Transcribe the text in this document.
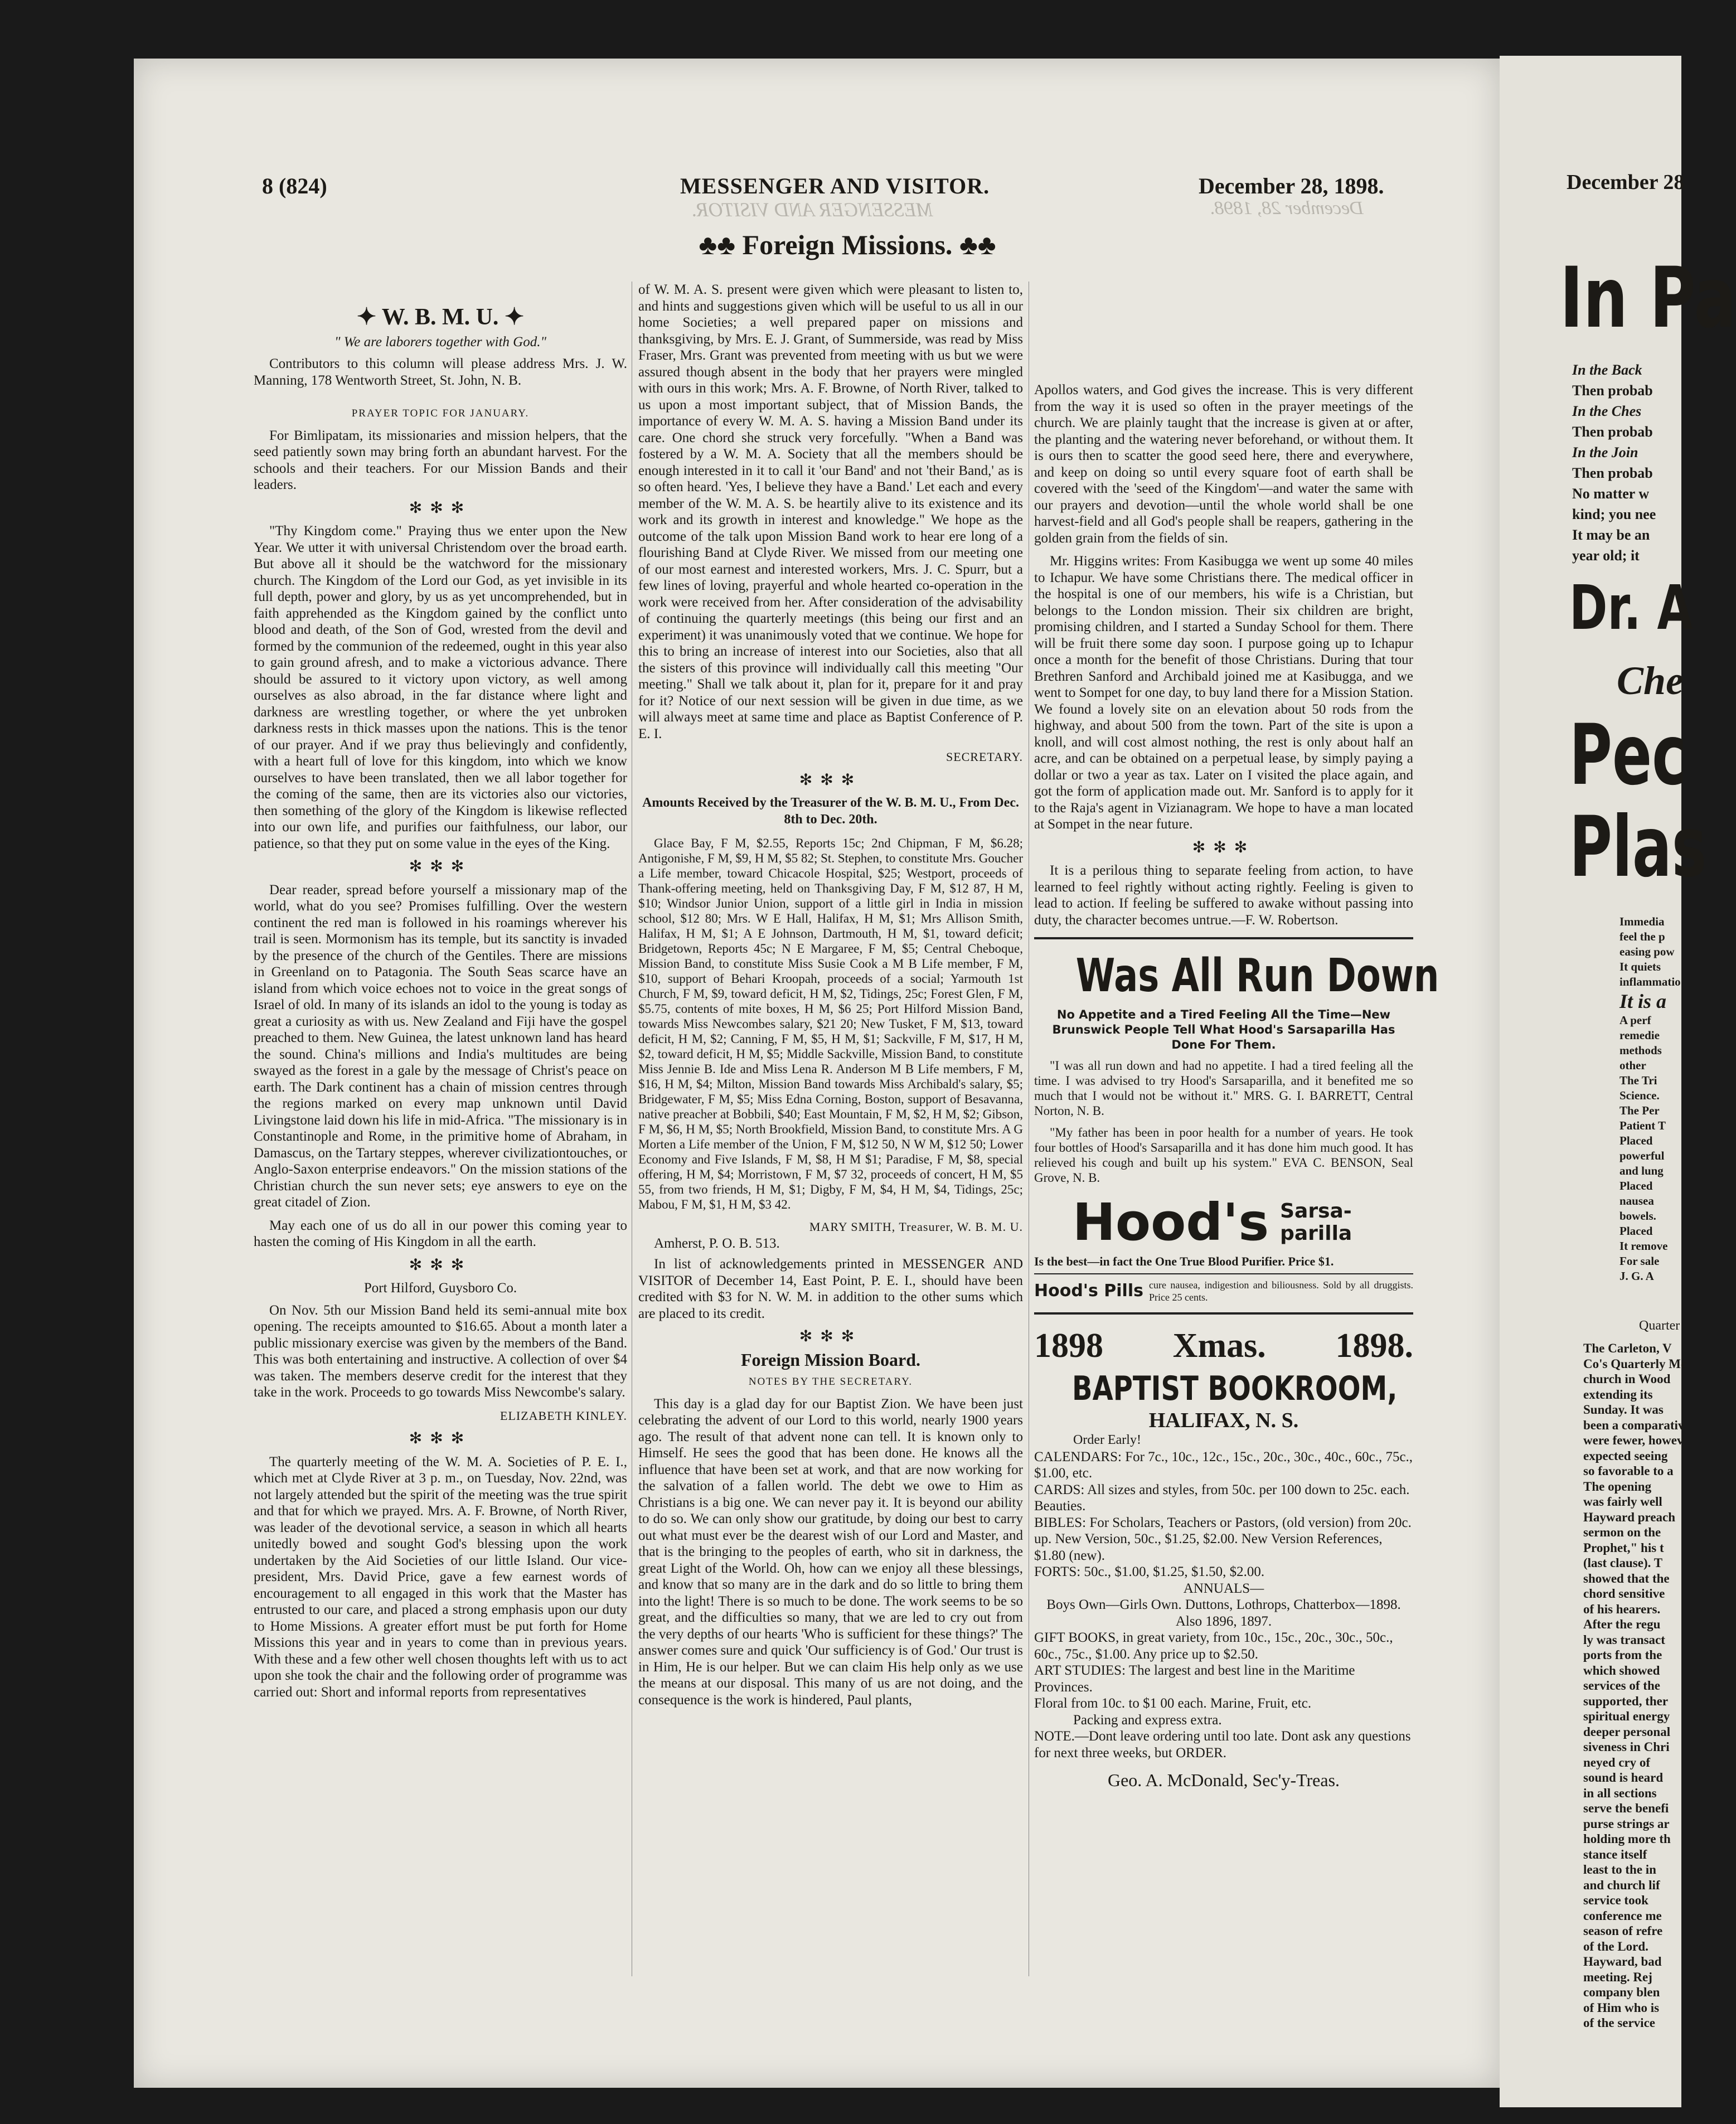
8 (824)	MESSENGER AND VISITOR.	December 28, 1898.
MESSENGER AND VISITOR.	December 28, 1898.
♣♣ Foreign Missions. ♣♣
✦ W. B. M. U. ✦
" We are laborers together with God."

Contributors to this column will please address Mrs. J. W. Manning, 178 Wentworth Street, St. John, N. B.

PRAYER TOPIC FOR JANUARY.

For Bimlipatam, its missionaries and mission helpers, that the seed patiently sown may bring forth an abundant harvest. For the schools and their teachers. For our Mission Bands and their leaders.

✻✻✻

"Thy Kingdom come." Praying thus we enter upon the New Year. We utter it with universal Christendom over the broad earth. But above all it should be the watchword for the missionary church. The Kingdom of the Lord our God, as yet invisible in its full depth, power and glory, by us as yet uncomprehended, but in faith apprehended as the Kingdom gained by the conflict unto blood and death, of the Son of God, wrested from the devil and formed by the communion of the redeemed, ought in this year also to gain ground afresh, and to make a victorious advance. There should be assured to it victory upon victory, as well among ourselves as also abroad, in the far distance where light and darkness are wrestling together, or where the yet unbroken darkness rests in thick masses upon the nations. This is the tenor of our prayer. And if we pray thus believingly and confidently, with a heart full of love for this kingdom, into which we know ourselves to have been translated, then we all labor together for the coming of the same, then are its victories also our victories, then something of the glory of the Kingdom is likewise reflected into our own life, and purifies our faithfulness, our labor, our patience, so that they put on some value in the eyes of the King.

✻✻✻

Dear reader, spread before yourself a missionary map of the world, what do you see? Promises fulfilling. Over the western continent the red man is followed in his roamings wherever his trail is seen. Mormonism has its temple, but its sanctity is invaded by the presence of the church of the Gentiles. There are missions in Greenland on to Patagonia. The South Seas scarce have an island from which voice echoes not to voice in the great songs of Israel of old. In many of its islands an idol to the young is today as great a curiosity as with us. New Zealand and Fiji have the gospel preached to them. New Guinea, the latest unknown land has heard the sound. China's millions and India's multitudes are being swayed as the forest in a gale by the message of Christ's peace on earth. The Dark continent has a chain of mission centres through the regions marked on every map unknown until David Livingstone laid down his life in mid-Africa. "The missionary is in Constantinople and Rome, in the primitive home of Abraham, in Damascus, on the Tartary steppes, wherever civilizationtouches, or Anglo-Saxon enterprise endeavors." On the mission stations of the Christian church the sun never sets; eye answers to eye on the great citadel of Zion.

May each one of us do all in our power this coming year to hasten the coming of His Kingdom in all the earth.

✻✻✻
Port Hilford, Guysboro Co.

On Nov. 5th our Mission Band held its semi-annual mite box opening. The receipts amounted to $16.65. About a month later a public missionary exercise was given by the members of the Band. This was both entertaining and instructive. A collection of over $4 was taken. The members deserve credit for the interest that they take in the work. Proceeds to go towards Miss Newcombe's salary.

ELIZABETH KINLEY.
✻✻✻

The quarterly meeting of the W. M. A. Societies of P. E. I., which met at Clyde River at 3 p. m., on Tuesday, Nov. 22nd, was not largely attended but the spirit of the meeting was the true spirit and that for which we prayed. Mrs. A. F. Browne, of North River, was leader of the devotional service, a season in which all hearts unitedly bowed and sought God's blessing upon the work undertaken by the Aid Societies of our little Island. Our vice-president, Mrs. David Price, gave a few earnest words of encouragement to all engaged in this work that the Master has entrusted to our care, and placed a strong emphasis upon our duty to Home Missions. A greater effort must be put forth for Home Missions this year and in years to come than in previous years. With these and a few other well chosen thoughts left with us to act upon she took the chair and the following order of programme was carried out: Short and informal reports from representatives

of W. M. A. S. present were given which were pleasant to listen to, and hints and suggestions given which will be useful to us all in our home Societies; a well prepared paper on missions and thanksgiving, by Mrs. E. J. Grant, of Summerside, was read by Miss Fraser, Mrs. Grant was prevented from meeting with us but we were assured though absent in the body that her prayers were mingled with ours in this work; Mrs. A. F. Browne, of North River, talked to us upon a most important subject, that of Mission Bands, the importance of every W. M. A. S. having a Mission Band under its care. One chord she struck very forcefully. "When a Band was fostered by a W. M. A. Society that all the members should be enough interested in it to call it 'our Band' and not 'their Band,' as is so often heard. 'Yes, I believe they have a Band.' Let each and every member of the W. M. A. S. be heartily alive to its existence and its work and its growth in interest and knowledge." We hope as the outcome of the talk upon Mission Band work to hear ere long of a flourishing Band at Clyde River. We missed from our meeting one of our most earnest and interested workers, Mrs. J. C. Spurr, but a few lines of loving, prayerful and whole hearted co-operation in the work were received from her. After consideration of the advisability of continuing the quarterly meetings (this being our first and an experiment) it was unanimously voted that we continue. We hope for this to bring an increase of interest into our Societies, also that all the sisters of this province will individually call this meeting "Our meeting." Shall we talk about it, plan for it, prepare for it and pray for it? Notice of our next session will be given in due time, as we will always meet at same time and place as Baptist Conference of P. E. I.

SECRETARY.
✻✻✻
Amounts Received by the Treasurer of the W. B. M. U., From Dec. 8th to Dec. 20th.

Glace Bay, F M, $2.55, Reports 15c; 2nd Chipman, F M, $6.28; Antigonishe, F M, $9, H M, $5 82; St. Stephen, to constitute Mrs. Goucher a Life member, toward Chicacole Hospital, $25; Westport, proceeds of Thank-offering meeting, held on Thanksgiving Day, F M, $12 87, H M, $10; Windsor Junior Union, support of a little girl in India in mission school, $12 80; Mrs. W E Hall, Halifax, H M, $1; Mrs Allison Smith, Halifax, H M, $1; A E Johnson, Dartmouth, H M, $1, toward deficit; Bridgetown, Reports 45c; N E Margaree, F M, $5; Central Cheboque, Mission Band, to constitute Miss Susie Cook a M B Life member, F M, $10, support of Behari Kroopah, proceeds of a social; Yarmouth 1st Church, F M, $9, toward deficit, H M, $2, Tidings, 25c; Forest Glen, F M, $5.75, contents of mite boxes, H M, $6 25; Port Hilford Mission Band, towards Miss Newcombes salary, $21 20; New Tusket, F M, $13, toward deficit, H M, $2; Canning, F M, $5, H M, $1; Sackville, F M, $17, H M, $2, toward deficit, H M, $5; Middle Sackville, Mission Band, to constitute Miss Jennie B. Ide and Miss Lena R. Anderson M B Life members, F M, $16, H M, $4; Milton, Mission Band towards Miss Archibald's salary, $5; Bridgewater, F M, $5; Miss Edna Corning, Boston, support of Besavanna, native preacher at Bobbili, $40; East Mountain, F M, $2, H M, $2; Gibson, F M, $6, H M, $5; North Brookfield, Mission Band, to constitute Mrs. A G Morten a Life member of the Union, F M, $12 50, N W M, $12 50; Lower Economy and Five Islands, F M, $8, H M $1; Paradise, F M, $8, special offering, H M, $4; Morristown, F M, $7 32, proceeds of concert, H M, $5 55, from two friends, H M, $1; Digby, F M, $4, H M, $4, Tidings, 25c; Mabou, F M, $1, H M, $3 42.

MARY SMITH, Treasurer, W. B. M. U.
Amherst, P. O. B. 513.

In list of acknowledgements printed in MESSENGER AND VISITOR of December 14, East Point, P. E. I., should have been credited with $3 for N. W. M. in addition to the other sums which are placed to its credit.

✻✻✻
Foreign Mission Board.
NOTES BY THE SECRETARY.

This day is a glad day for our Baptist Zion. We have been just celebrating the advent of our Lord to this world, nearly 1900 years ago. The result of that advent none can tell. It is known only to Himself. He sees the good that has been done. He knows all the influence that have been set at work, and that are now working for the salvation of a fallen world. The debt we owe to Him as Christians is a big one. We can never pay it. It is beyond our ability to do so. We can only show our gratitude, by doing our best to carry out what must ever be the dearest wish of our Lord and Master, and that is the bringing to the peoples of earth, who sit in darkness, the great Light of the World. Oh, how can we enjoy all these blessings, and know that so many are in the dark and do so little to bring them into the light! There is so much to be done. The work seems to be so great, and the difficulties so many, that we are led to cry out from the very depths of our hearts 'Who is sufficient for these things?' The answer comes sure and quick 'Our sufficiency is of God.' Our trust is in Him, He is our helper. But we can claim His help only as we use the means at our disposal. This many of us are not doing, and the consequence is the work is hindered, Paul plants,

Apollos waters, and God gives the increase. This is very different from the way it is used so often in the prayer meetings of the church. We are plainly taught that the increase is given at or after, the planting and the watering never beforehand, or without them. It is ours then to scatter the good seed here, there and everywhere, and keep on doing so until every square foot of earth shall be covered with the 'seed of the Kingdom'—and water the same with our prayers and devotion—until the whole world shall be one harvest-field and all God's people shall be reapers, gathering in the golden grain from the fields of sin.

Mr. Higgins writes: From Kasibugga we went up some 40 miles to Ichapur. We have some Christians there. The medical officer in the hospital is one of our members, his wife is a Christian, but belongs to the London mission. Their six children are bright, promising children, and I started a Sunday School for them. There will be fruit there some day soon. I purpose going up to Ichapur once a month for the benefit of those Christians. During that tour Brethren Sanford and Archibald joined me at Kasibugga, and we went to Sompet for one day, to buy land there for a Mission Station. We found a lovely site on an elevation about 50 rods from the highway, and about 500 from the town. Part of the site is upon a knoll, and will cost almost nothing, the rest is only about half an acre, and can be obtained on a perpetual lease, by simply paying a dollar or two a year as tax. Later on I visited the place again, and got the form of application made out. Mr. Sanford is to apply for it to the Raja's agent in Vizianagram. We hope to have a man located at Sompet in the near future.

✻✻✻

It is a perilous thing to separate feeling from action, to have learned to feel rightly without acting rightly. Feeling is given to lead to action. If feeling be suffered to awake without passing into duty, the character becomes untrue.—F. W. Robertson.

Was All Run Down
No Appetite and a Tired Feeling All the Time—New Brunswick People Tell What Hood's Sarsaparilla Has Done For Them.

"I was all run down and had no appetite. I had a tired feeling all the time. I was advised to try Hood's Sarsaparilla, and it benefited me so much that I would not be without it." MRS. G. I. BARRETT, Central Norton, N. B.

"My father has been in poor health for a number of years. He took four bottles of Hood's Sarsaparilla and it has done him much good. It has relieved his cough and built up his system." EVA C. BENSON, Seal Grove, N. B.

Hood's Sarsa- parilla
Is the best—in fact the One True Blood Purifier. Price $1.
Hood's Pills cure nausea, indigestion and biliousness. Sold by all druggists. Price 25 cents.
1898 Xmas. 1898.
BAPTIST BOOKROOM,
HALIFAX, N. S.
Order Early!
CALENDARS: For 7c., 10c., 12c., 15c., 20c., 30c., 40c., 60c., 75c., $1.00, etc.
CARDS: All sizes and styles, from 50c. per 100 down to 25c. each. Beauties.
BIBLES: For Scholars, Teachers or Pastors, (old version) from 20c. up. New Version, 50c., $1.25, $2.00. New Version References, $1.80 (new).
FORTS: 50c., $1.00, $1.25, $1.50, $2.00.
ANNUALS—
Boys Own—Girls Own. Duttons, Lothrops, Chatterbox—1898. Also 1896, 1897.
GIFT BOOKS, in great variety, from 10c., 15c., 20c., 30c., 50c., 60c., 75c., $1.00. Any price up to $2.50.
ART STUDIES: The largest and best line in the Maritime Provinces.
Floral from 10c. to $1 00 each. Marine, Fruit, etc.
Packing and express extra.
NOTE.—Dont leave ordering until too late. Dont ask any questions for next three weeks, but ORDER.
Geo. A. McDonald, Sec'y-Treas.
December 28
In Pa
In the Back
Then probab
In the Ches
Then probab
In the Join
Then probab
No matter w
kind; you nee
It may be an
year old; it
Dr. A
Che
Pec
Plas
Immedia
feel the p
easing pow
It quiets
inflammatio
It is a
A perf
remedie
methods
other
The Tri
Science.
The Per
Patient T
Placed
powerful
and lung
Placed
nausea
bowels.
Placed
It remove
For sale
J. G. A
Quarter
The Carleton, V
Co's Quarterly Mc
church in Wood
extending its
Sunday. It was
been a comparativ
were fewer, howev
expected seeing
so favorable to a
The opening
was fairly well
Hayward preach
sermon on the
Prophet," his t
(last clause). T
showed that the
chord sensitive
of his hearers.
After the regu
ly was transact
ports from the
which showed
services of the
supported, ther
spiritual energy
deeper personal
siveness in Chri
neyed cry of
sound is heard
in all sections
serve the benefi
purse strings ar
holding more th
stance itself
least to the in
and church lif
service took
conference me
season of refre
of the Lord.
Hayward, bad
meeting. Rej
company blen
of Him who is
of the service
